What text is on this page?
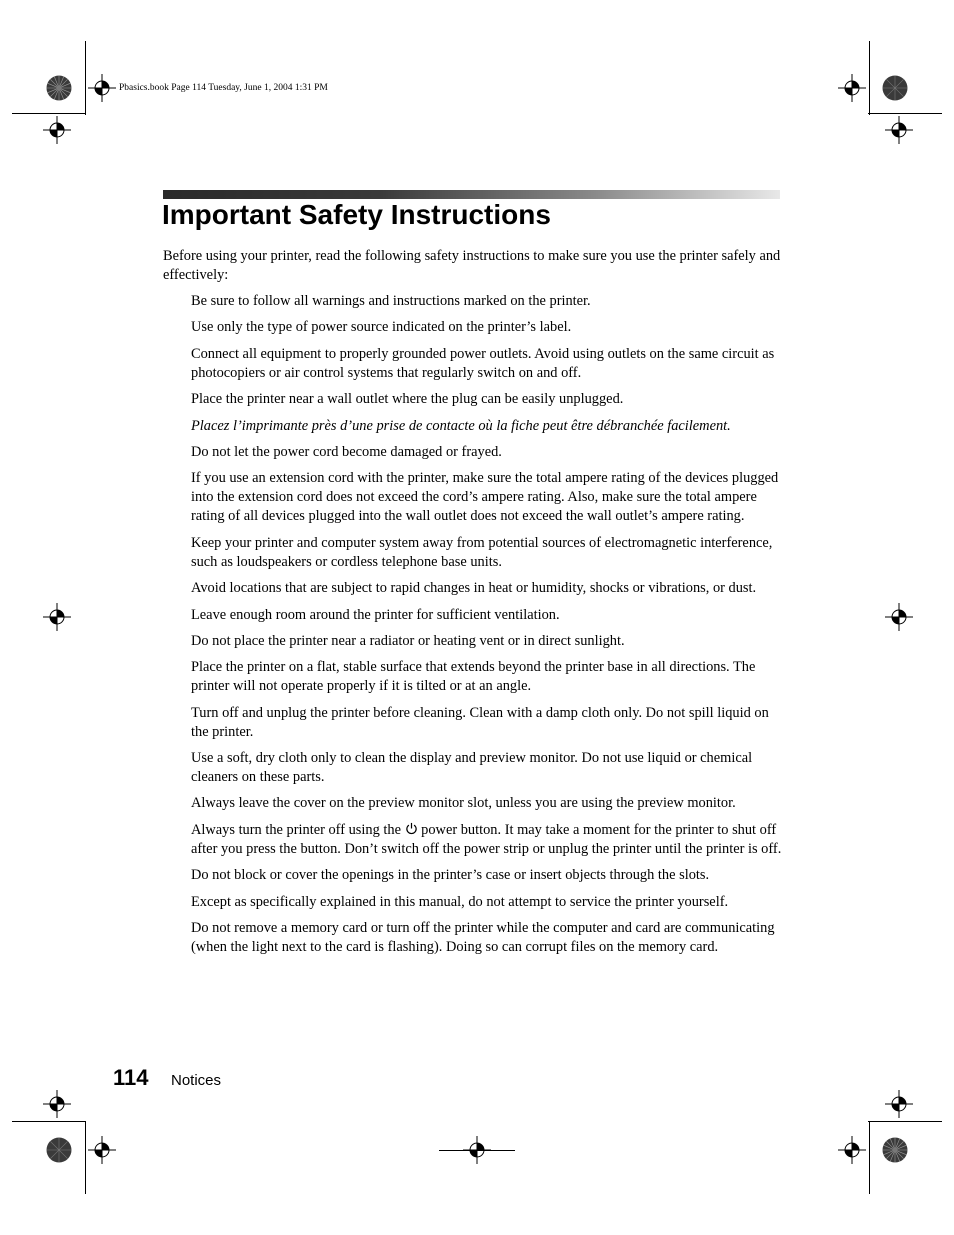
Pbasics.book Page 114 Tuesday, June 1, 2004 1:31 PM
Important Safety Instructions
Before using your printer, read the following safety instructions to make sure you use the printer safely and effectively:

Be sure to follow all warnings and instructions marked on the printer.

Use only the type of power source indicated on the printer’s label.

Connect all equipment to properly grounded power outlets. Avoid using outlets on the same circuit as photocopiers or air control systems that regularly switch on and off.

Place the printer near a wall outlet where the plug can be easily unplugged.

Placez l’imprimante près d’une prise de contacte où la fiche peut être débranchée facilement.

Do not let the power cord become damaged or frayed.

If you use an extension cord with the printer, make sure the total ampere rating of the devices plugged into the extension cord does not exceed the cord’s ampere rating. Also, make sure the total ampere rating of all devices plugged into the wall outlet does not exceed the wall outlet’s ampere rating.

Keep your printer and computer system away from potential sources of electromagnetic interference, such as loudspeakers or cordless telephone base units.

Avoid locations that are subject to rapid changes in heat or humidity, shocks or vibrations, or dust.

Leave enough room around the printer for sufficient ventilation.

Do not place the printer near a radiator or heating vent or in direct sunlight.

Place the printer on a flat, stable surface that extends beyond the printer base in all directions. The printer will not operate properly if it is tilted or at an angle.

Turn off and unplug the printer before cleaning. Clean with a damp cloth only. Do not spill liquid on the printer.

Use a soft, dry cloth only to clean the display and preview monitor. Do not use liquid or chemical cleaners on these parts.

Always leave the cover on the preview monitor slot, unless you are using the preview monitor.

Always turn the printer off using the  power button. It may take a moment for the printer to shut off after you press the button. Don’t switch off the power strip or unplug the printer until the printer is off.

Do not block or cover the openings in the printer’s case or insert objects through the slots.

Except as specifically explained in this manual, do not attempt to service the printer yourself.

Do not remove a memory card or turn off the printer while the computer and card are communicating (when the light next to the card is flashing). Doing so can corrupt files on the memory card.

114 Notices
